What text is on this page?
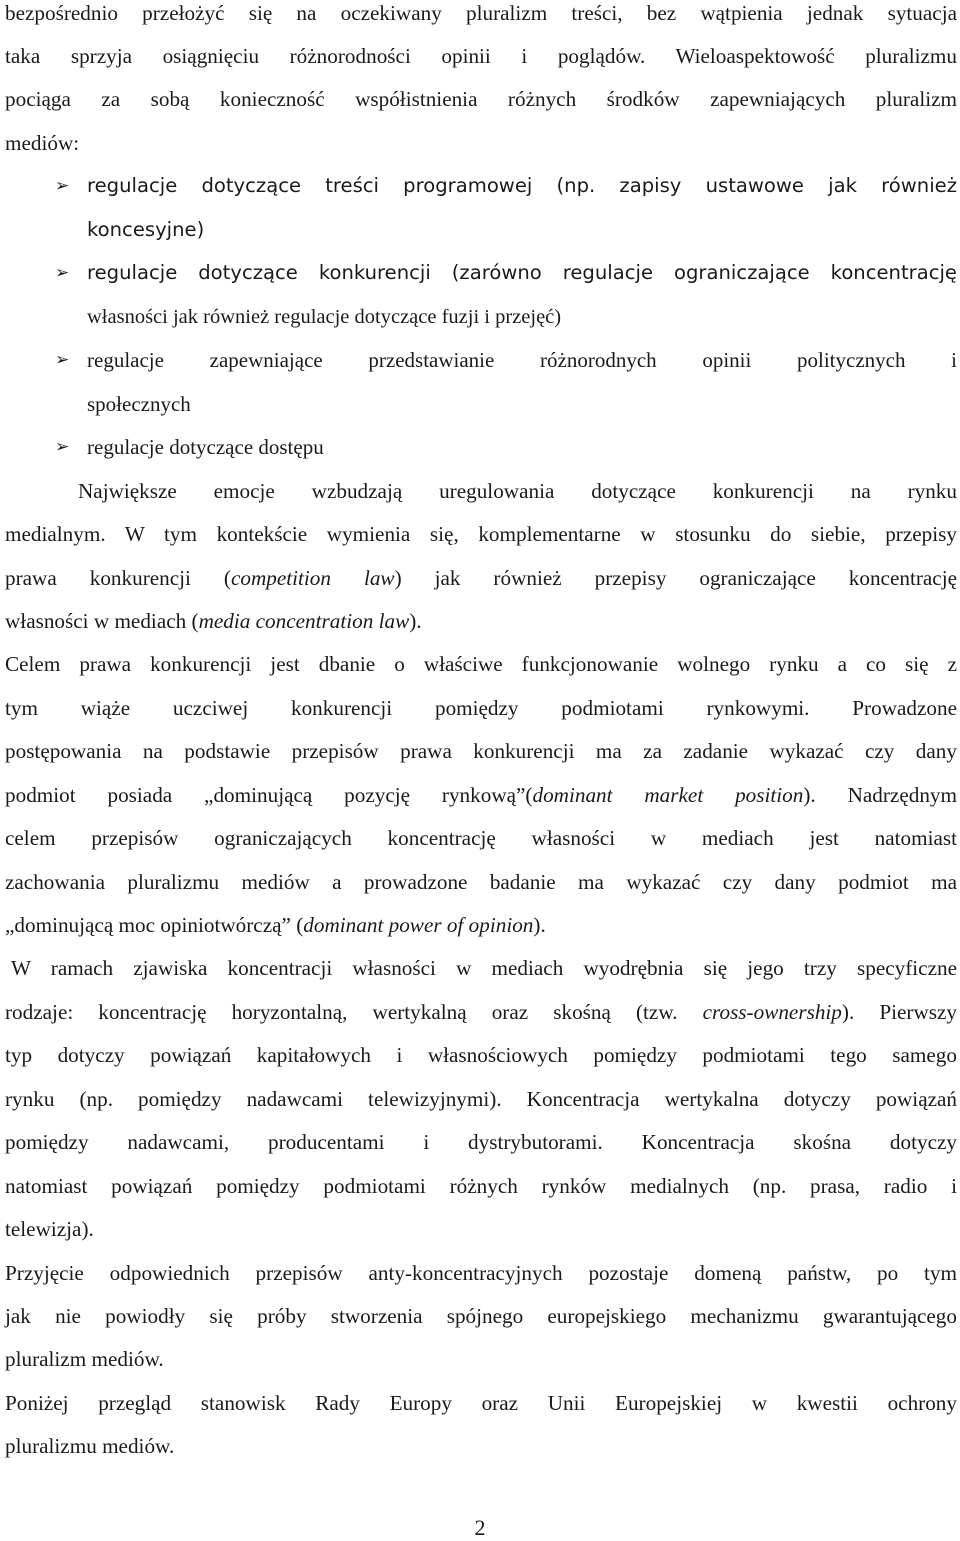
bezpośrednio przełożyć się na oczekiwany pluralizm treści, bez wątpienia jednak sytuacja
taka sprzyja osiągnięciu różnorodności opinii i poglądów. Wieloaspektowość pluralizmu
pociąga za sobą konieczność współistnienia różnych środków zapewniających pluralizm
mediów:
➢ regulacje dotyczące treści programowej (np. zapisy ustawowe jak również
koncesyjne)
➢ regulacje dotyczące konkurencji (zarówno regulacje ograniczające koncentrację
własności jak również regulacje dotyczące fuzji i przejęć)
➢ regulacje zapewniające przedstawianie różnorodnych opinii politycznych i
społecznych
➢ regulacje dotyczące dostępu
Największe emocje wzbudzają uregulowania dotyczące konkurencji na rynku
medialnym. W tym kontekście wymienia się, komplementarne w stosunku do siebie, przepisy
prawa konkurencji (competition law) jak również przepisy ograniczające koncentrację
własności w mediach (media concentration law).
Celem prawa konkurencji jest dbanie o właściwe funkcjonowanie wolnego rynku a co się z
tym wiąże uczciwej konkurencji pomiędzy podmiotami rynkowymi. Prowadzone
postępowania na podstawie przepisów prawa konkurencji ma za zadanie wykazać czy dany
podmiot posiada „dominującą pozycję rynkową”(dominant market position). Nadrzędnym
celem przepisów ograniczających koncentrację własności w mediach jest natomiast
zachowania pluralizmu mediów a prowadzone badanie ma wykazać czy dany podmiot ma
„dominującą moc opiniotwórczą” (dominant power of opinion).
W ramach zjawiska koncentracji własności w mediach wyodrębnia się jego trzy specyficzne
rodzaje: koncentrację horyzontalną, wertykalną oraz skośną (tzw. cross-ownership). Pierwszy
typ dotyczy powiązań kapitałowych i własnościowych pomiędzy podmiotami tego samego
rynku (np. pomiędzy nadawcami telewizyjnymi). Koncentracja wertykalna dotyczy powiązań
pomiędzy nadawcami, producentami i dystrybutorami. Koncentracja skośna dotyczy
natomiast powiązań pomiędzy podmiotami różnych rynków medialnych (np. prasa, radio i
telewizja).
Przyjęcie odpowiednich przepisów anty-koncentracyjnych pozostaje domeną państw, po tym
jak nie powiodły się próby stworzenia spójnego europejskiego mechanizmu gwarantującego
pluralizm mediów.
Poniżej przegląd stanowisk Rady Europy oraz Unii Europejskiej w kwestii ochrony
pluralizmu mediów.
2
